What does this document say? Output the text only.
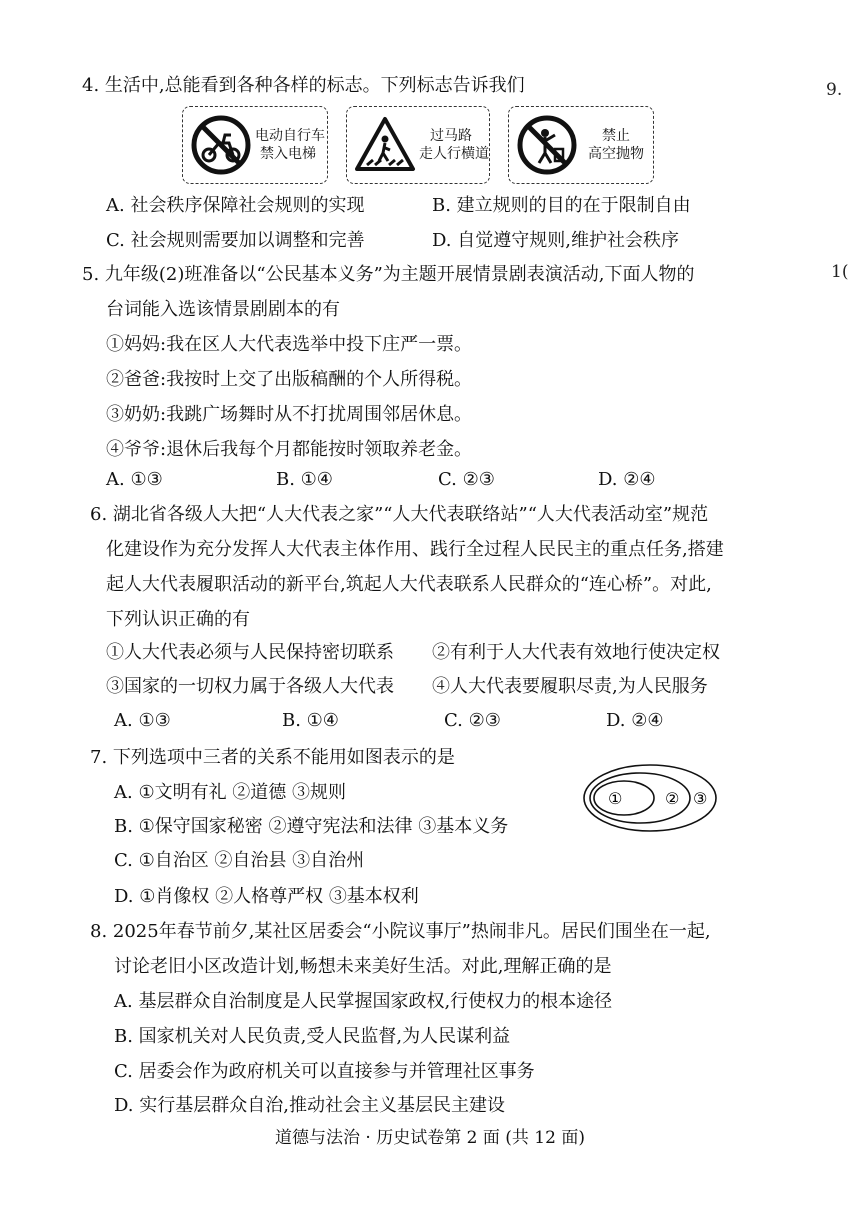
9.
1(
4. 生活中,总能看到各种各样的标志。下列标志告诉我们
电动自行车
禁入电梯
过马路
走人行横道
禁止
高空抛物
A. 社会秩序保障社会规则的实现	B. 建立规则的目的在于限制自由
C. 社会规则需要加以调整和完善	D. 自觉遵守规则,维护社会秩序
5. 九年级(2)班准备以“公民基本义务”为主题开展情景剧表演活动,下面人物的
台词能入选该情景剧剧本的有
①妈妈:我在区人大代表选举中投下庄严一票。
②爸爸:我按时上交了出版稿酬的个人所得税。
③奶奶:我跳广场舞时从不打扰周围邻居休息。
④爷爷:退休后我每个月都能按时领取养老金。
A. ①③	B. ①④	C. ②③	D. ②④
6. 湖北省各级人大把“人大代表之家”“人大代表联络站”“人大代表活动室”规范
化建设作为充分发挥人大代表主体作用、践行全过程人民民主的重点任务,搭建
起人大代表履职活动的新平台,筑起人大代表联系人民群众的“连心桥”。对此,
下列认识正确的有
①人大代表必须与人民保持密切联系 ②有利于人大代表有效地行使决定权
③国家的一切权力属于各级人大代表 ④人大代表要履职尽责,为人民服务
A. ①③	B. ①④	C. ②③	D. ②④
7. 下列选项中三者的关系不能用如图表示的是
A. ①文明有礼 ②道德 ③规则
B. ①保守国家秘密 ②遵守宪法和法律 ③基本义务
C. ①自治区 ②自治县 ③自治州
D. ①肖像权 ②人格尊严权 ③基本权利
①	② ③
8. 2025年春节前夕,某社区居委会“小院议事厅”热闹非凡。居民们围坐在一起,
讨论老旧小区改造计划,畅想未来美好生活。对此,理解正确的是
A. 基层群众自治制度是人民掌握国家政权,行使权力的根本途径
B. 国家机关对人民负责,受人民监督,为人民谋利益
C. 居委会作为政府机关可以直接参与并管理社区事务
D. 实行基层群众自治,推动社会主义基层民主建设
道德与法治 · 历史试卷第 2 面 (共 12 面)
